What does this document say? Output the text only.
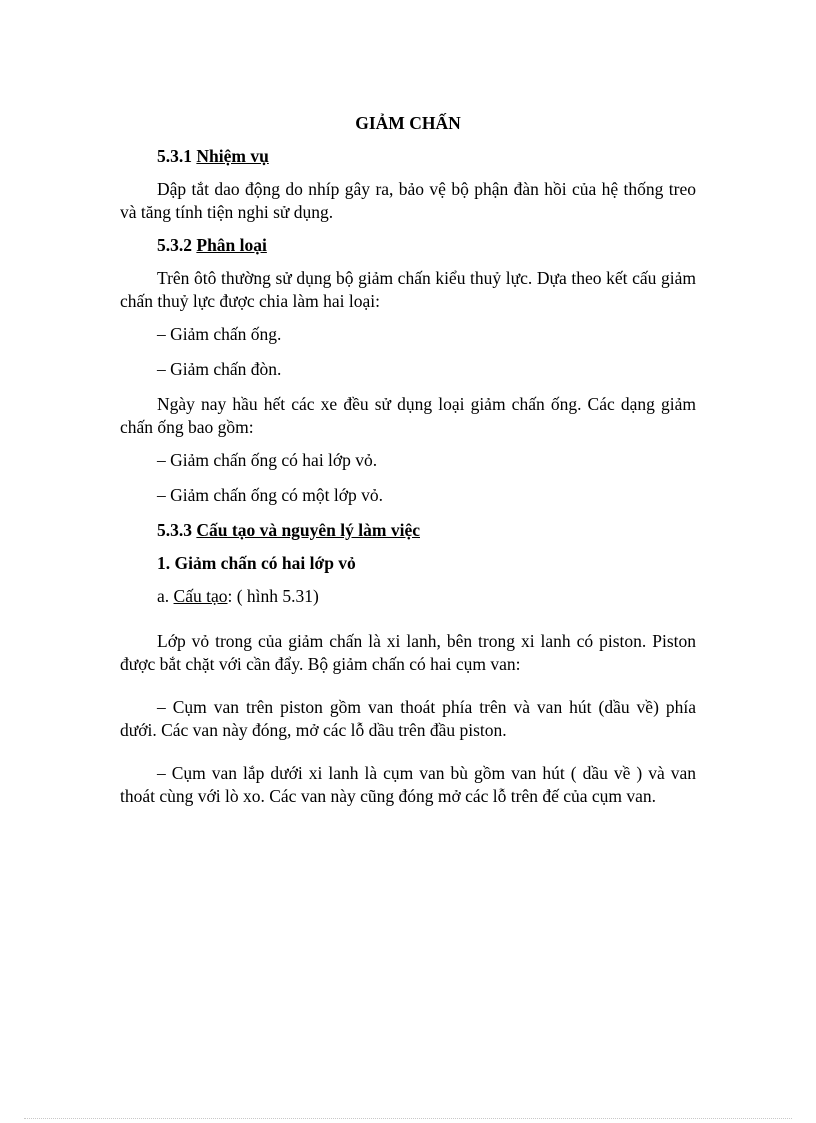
GIẢM CHẤN
5.3.1 Nhiệm vụ

Dập tắt dao động do nhíp gây ra, bảo vệ bộ phận đàn hồi của hệ thống treo và tăng tính tiện nghi sử dụng.

5.3.2 Phân loại

Trên ôtô thường sử dụng bộ giảm chấn kiểu thuỷ lực. Dựa theo kết cấu giảm chấn thuỷ lực được chia làm hai loại:

– Giảm chấn ống.

– Giảm chấn đòn.

Ngày nay hầu hết các xe đều sử dụng loại giảm chấn ống. Các dạng giảm chấn ống bao gồm:

– Giảm chấn ống có hai lớp vỏ.

– Giảm chấn ống có một lớp vỏ.

5.3.3 Cấu tạo và nguyên lý làm việc
1. Giảm chấn có hai lớp vỏ
a. Cấu tạo: ( hình 5.31)

Lớp vỏ trong của giảm chấn là xi lanh, bên trong xi lanh có piston. Piston được bắt chặt với cần đẩy. Bộ giảm chấn có hai cụm van:

– Cụm van trên piston gồm van thoát phía trên và van hút (dầu về) phía dưới. Các van này đóng, mở các lỗ dầu trên đầu piston.

– Cụm van lắp dưới xi lanh là cụm van bù gồm van hút ( dầu về ) và van thoát cùng với lò xo. Các van này cũng đóng mở các lỗ trên đế của cụm van.
